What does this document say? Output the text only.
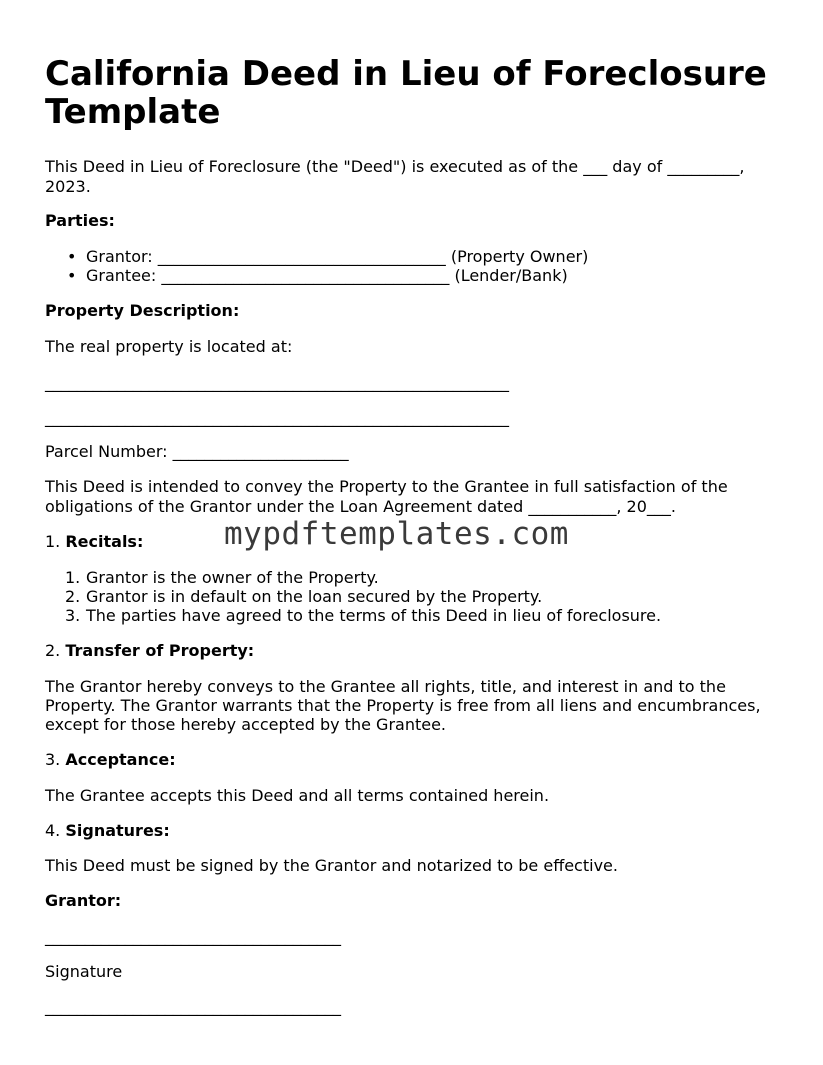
California Deed in Lieu of Foreclosure Template

This Deed in Lieu of Foreclosure (the "Deed") is executed as of the ___ day of _________,

2023.

Parties:

• Grantor: ____________________________________ (Property Owner)
• Grantee: ____________________________________ (Lender/Bank)

Property Description:

The real property is located at:

__________________________________________________________

__________________________________________________________

Parcel Number: ______________________

This Deed is intended to convey the Property to the Grantee in full satisfaction of the

obligations of the Grantor under the Loan Agreement dated ___________, 20___.

1. Recitals:

1. Grantor is the owner of the Property.
2. Grantor is in default on the loan secured by the Property.
3. The parties have agreed to the terms of this Deed in lieu of foreclosure.

2. Transfer of Property:

The Grantor hereby conveys to the Grantee all rights, title, and interest in and to the

Property. The Grantor warrants that the Property is free from all liens and encumbrances,

except for those hereby accepted by the Grantee.

3. Acceptance:

The Grantee accepts this Deed and all terms contained herein.

4. Signatures:

This Deed must be signed by the Grantor and notarized to be effective.

Grantor:

_____________________________________

Signature

_____________________________________

mypdftemplates.com
